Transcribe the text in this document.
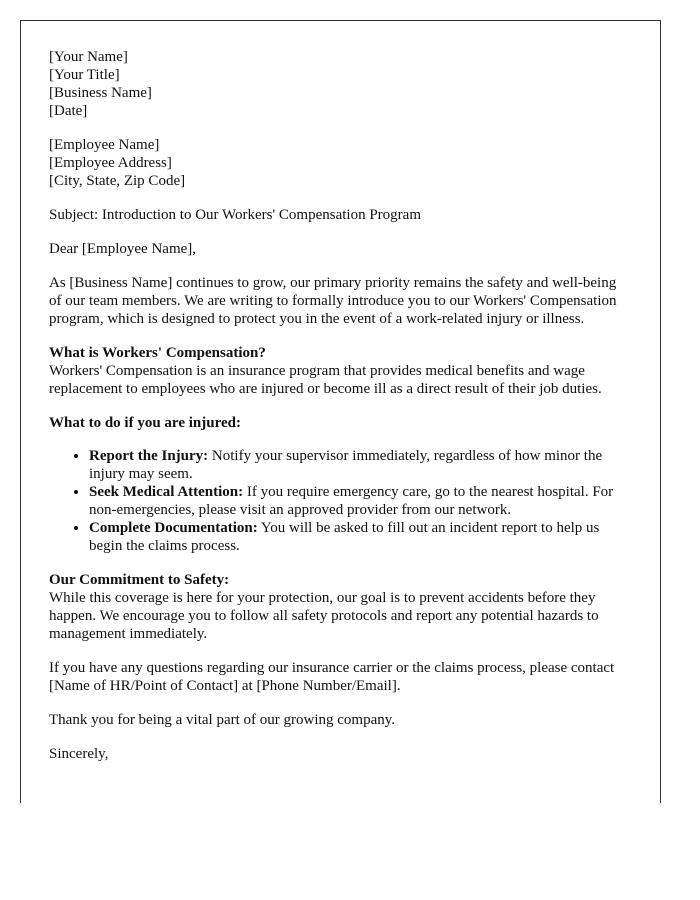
[Your Name]
[Your Title]
[Business Name]
[Date]

[Employee Name]
[Employee Address]
[City, State, Zip Code]

Subject: Introduction to Our Workers' Compensation Program

Dear [Employee Name],

As [Business Name] continues to grow, our primary priority remains the safety and well-being of our team members. We are writing to formally introduce you to our Workers' Compensation program, which is designed to protect you in the event of a work-related injury or illness.

What is Workers' Compensation?

Workers' Compensation is an insurance program that provides medical benefits and wage replacement to employees who are injured or become ill as a direct result of their job duties.

What to do if you are injured:
• Report the Injury: Notify your supervisor immediately, regardless of how minor the injury may seem.
• Seek Medical Attention: If you require emergency care, go to the nearest hospital. For non-emergencies, please visit an approved provider from our network.
• Complete Documentation: You will be asked to fill out an incident report to help us begin the claims process.
Our Commitment to Safety:

While this coverage is here for your protection, our goal is to prevent accidents before they happen. We encourage you to follow all safety protocols and report any potential hazards to management immediately.

If you have any questions regarding our insurance carrier or the claims process, please contact [Name of HR/Point of Contact] at [Phone Number/Email].

Thank you for being a vital part of our growing company.

Sincerely,
